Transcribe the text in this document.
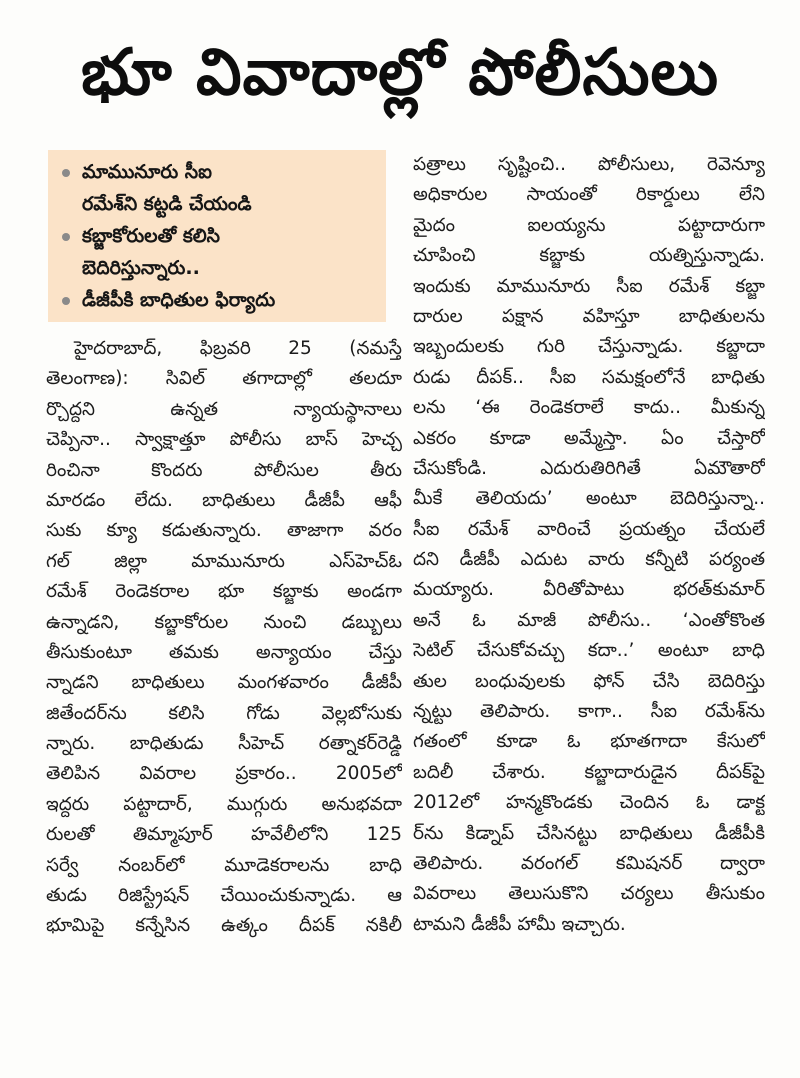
భూ వివాదాల్లో పోలీసులు
మామునూరు సీఐ
రమేశ్‌ని కట్టడి చేయండి
కబ్జాకోరులతో కలిసి
బెదిరిస్తున్నారు..
డీజీపీకి బాధితుల ఫిర్యాదు
హైదరాబాద్, ఫిబ్రవరి 25 (నమస్తే
తెలంగాణ): సివిల్ తగాదాల్లో తలదూ
ర్చొద్దని ఉన్నత న్యాయస్థానాలు
చెప్పినా.. స్వాక్షాత్తూ పోలీసు బాస్ హెచ్చ
రించినా కొందరు పోలీసుల తీరు
మారడం లేదు. బాధితులు డీజీపీ ఆఫీ
సుకు క్యూ కడుతున్నారు. తాజాగా వరం
గల్ జిల్లా మామునూరు ఎస్‌హెచ్‌ఓ
రమేశ్ రెండెకరాల భూ కబ్జాకు అండగా
ఉన్నాడని, కబ్జాకోరుల నుంచి డబ్బులు
తీసుకుంటూ తమకు అన్యాయం చేస్తు
న్నాడని బాధితులు మంగళవారం డీజీపీ
జితేందర్‌ను కలిసి గోడు వెల్లబోసుకు
న్నారు. బాధితుడు సీహెచ్ రత్నాకర్‌రెడ్డి
తెలిపిన వివరాల ప్రకారం.. 2005లో
ఇద్దరు పట్టాదార్, ముగ్గురు అనుభవదా
రులతో తిమ్మాపూర్ హవేలీలోని 125
సర్వే నంబర్‌లో మూడెకరాలను బాధి
తుడు రిజిస్ట్రేషన్ చేయించుకున్నాడు. ఆ
భూమిపై కన్నేసిన ఉత్కం దీపక్ నకిలీ
పత్రాలు సృష్టించి.. పోలీసులు, రెవెన్యూ
అధికారుల సాయంతో రికార్డులు లేని
మైదం ఐలయ్యను పట్టాదారుగా
చూపించి కబ్జాకు యత్నిస్తున్నాడు.
ఇందుకు మామునూరు సీఐ రమేశ్ కబ్జా
దారుల పక్షాన వహిస్తూ బాధితులను
ఇబ్బందులకు గురి చేస్తున్నాడు. కబ్జాదా
రుడు దీపక్.. సీఐ సమక్షంలోనే బాధితు
లను ‘ఈ రెండెకరాలే కాదు.. మీకున్న
ఎకరం కూడా అమ్మేస్తా. ఏం చేస్తారో
చేసుకోండి. ఎదురుతిరిగితే ఏమౌతారో
మీకే తెలియదు’ అంటూ బెదిరిస్తున్నా..
సీఐ రమేశ్ వారించే ప్రయత్నం చేయలే
దని డీజీపీ ఎదుట వారు కన్నీటి పర్యంత
మయ్యారు. వీరితోపాటు భరత్‌కుమార్
అనే ఓ మాజీ పోలీసు.. ‘ఎంతోకొంత
సెటిల్ చేసుకోవచ్చు కదా..’ అంటూ బాధి
తుల బంధువులకు ఫోన్ చేసి బెదిరిస్తు
న్నట్టు తెలిపారు. కాగా.. సీఐ రమేశ్‌ను
గతంలో కూడా ఓ భూతగాదా కేసులో
బదిలీ చేశారు. కబ్జాదారుడైన దీపక్‌పై
2012లో హన్మకొండకు చెందిన ఓ డాక్ట
ర్‌ను కిడ్నాప్ చేసినట్టు బాధితులు డీజీపీకి
తెలిపారు. వరంగల్ కమిషనర్ ద్వారా
వివరాలు తెలుసుకొని చర్యలు తీసుకుం
టామని డీజీపీ హామీ ఇచ్చారు.
